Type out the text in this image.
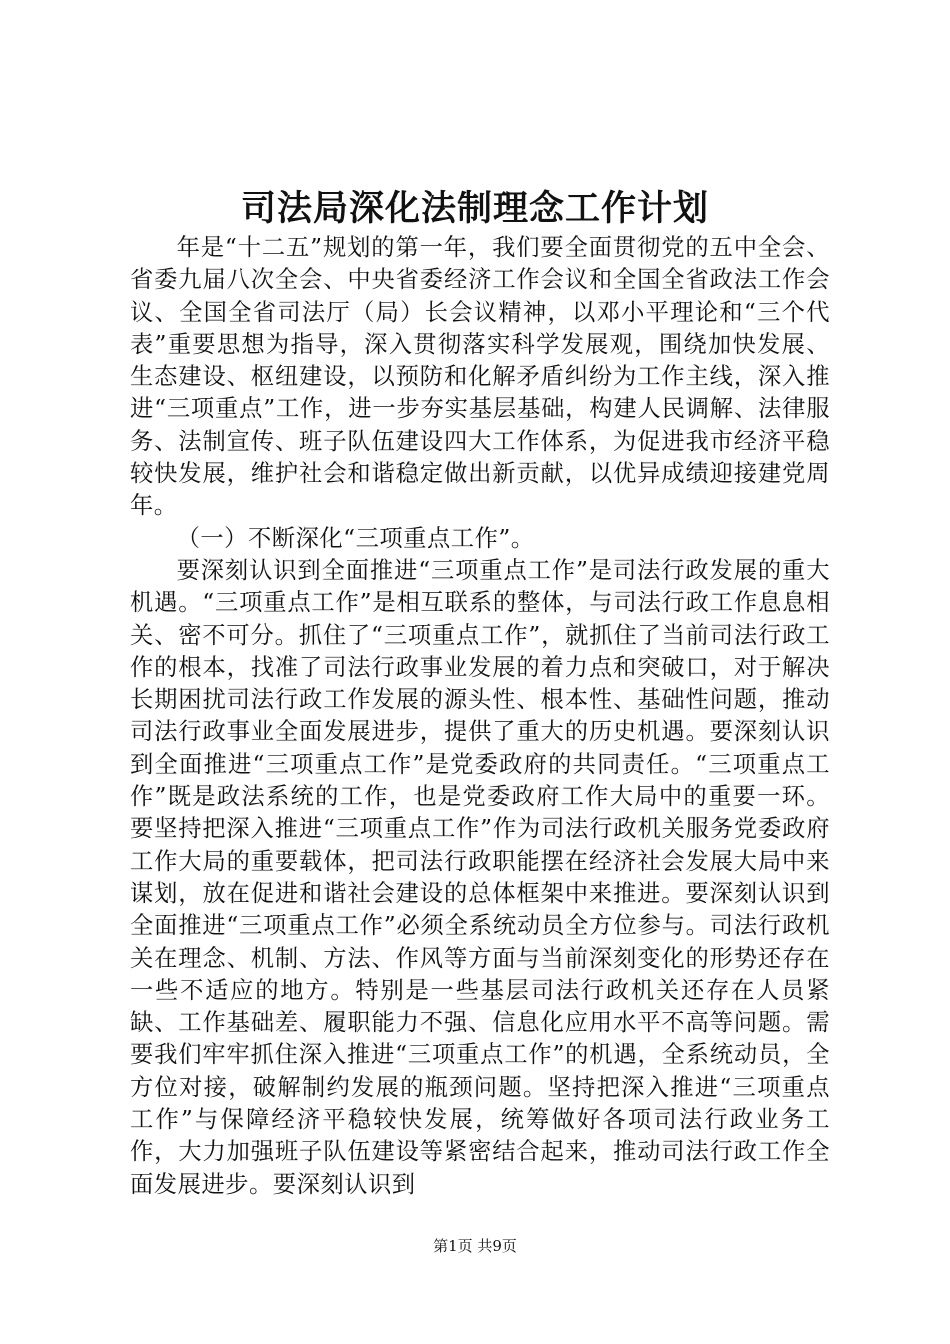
司法局深化法制理念工作计划

年是“十二五”规划的第一年，我们要全面贯彻党的五中全会、省委九届八次全会、中央省委经济工作会议和全国全省政法工作会议、全国全省司法厅（局）长会议精神，以邓小平理论和“三个代表”重要思想为指导，深入贯彻落实科学发展观，围绕加快发展、生态建设、枢纽建设，以预防和化解矛盾纠纷为工作主线，深入推进“三项重点”工作，进一步夯实基层基础，构建人民调解、法律服务、法制宣传、班子队伍建设四大工作体系，为促进我市经济平稳较快发展，维护社会和谐稳定做出新贡献，以优异成绩迎接建党周年。

（一）不断深化“三项重点工作”。

要深刻认识到全面推进“三项重点工作”是司法行政发展的重大机遇。“三项重点工作”是相互联系的整体，与司法行政工作息息相关、密不可分。抓住了“三项重点工作”，就抓住了当前司法行政工作的根本，找准了司法行政事业发展的着力点和突破口，对于解决长期困扰司法行政工作发展的源头性、根本性、基础性问题，推动司法行政事业全面发展进步，提供了重大的历史机遇。要深刻认识到全面推进“三项重点工作”是党委政府的共同责任。“三项重点工作”既是政法系统的工作，也是党委政府工作大局中的重要一环。要坚持把深入推进“三项重点工作”作为司法行政机关服务党委政府工作大局的重要载体，把司法行政职能摆在经济社会发展大局中来谋划，放在促进和谐社会建设的总体框架中来推进。要深刻认识到全面推进“三项重点工作”必须全系统动员全方位参与。司法行政机关在理念、机制、方法、作风等方面与当前深刻变化的形势还存在一些不适应的地方。特别是一些基层司法行政机关还存在人员紧缺、工作基础差、履职能力不强、信息化应用水平不高等问题。需要我们牢牢抓住深入推进“三项重点工作”的机遇，全系统动员，全方位对接，破解制约发展的瓶颈问题。坚持把深入推进“三项重点工作”与保障经济平稳较快发展，统筹做好各项司法行政业务工作，大力加强班子队伍建设等紧密结合起来，推动司法行政工作全面发展进步。要深刻认识到

第1页 共9页
